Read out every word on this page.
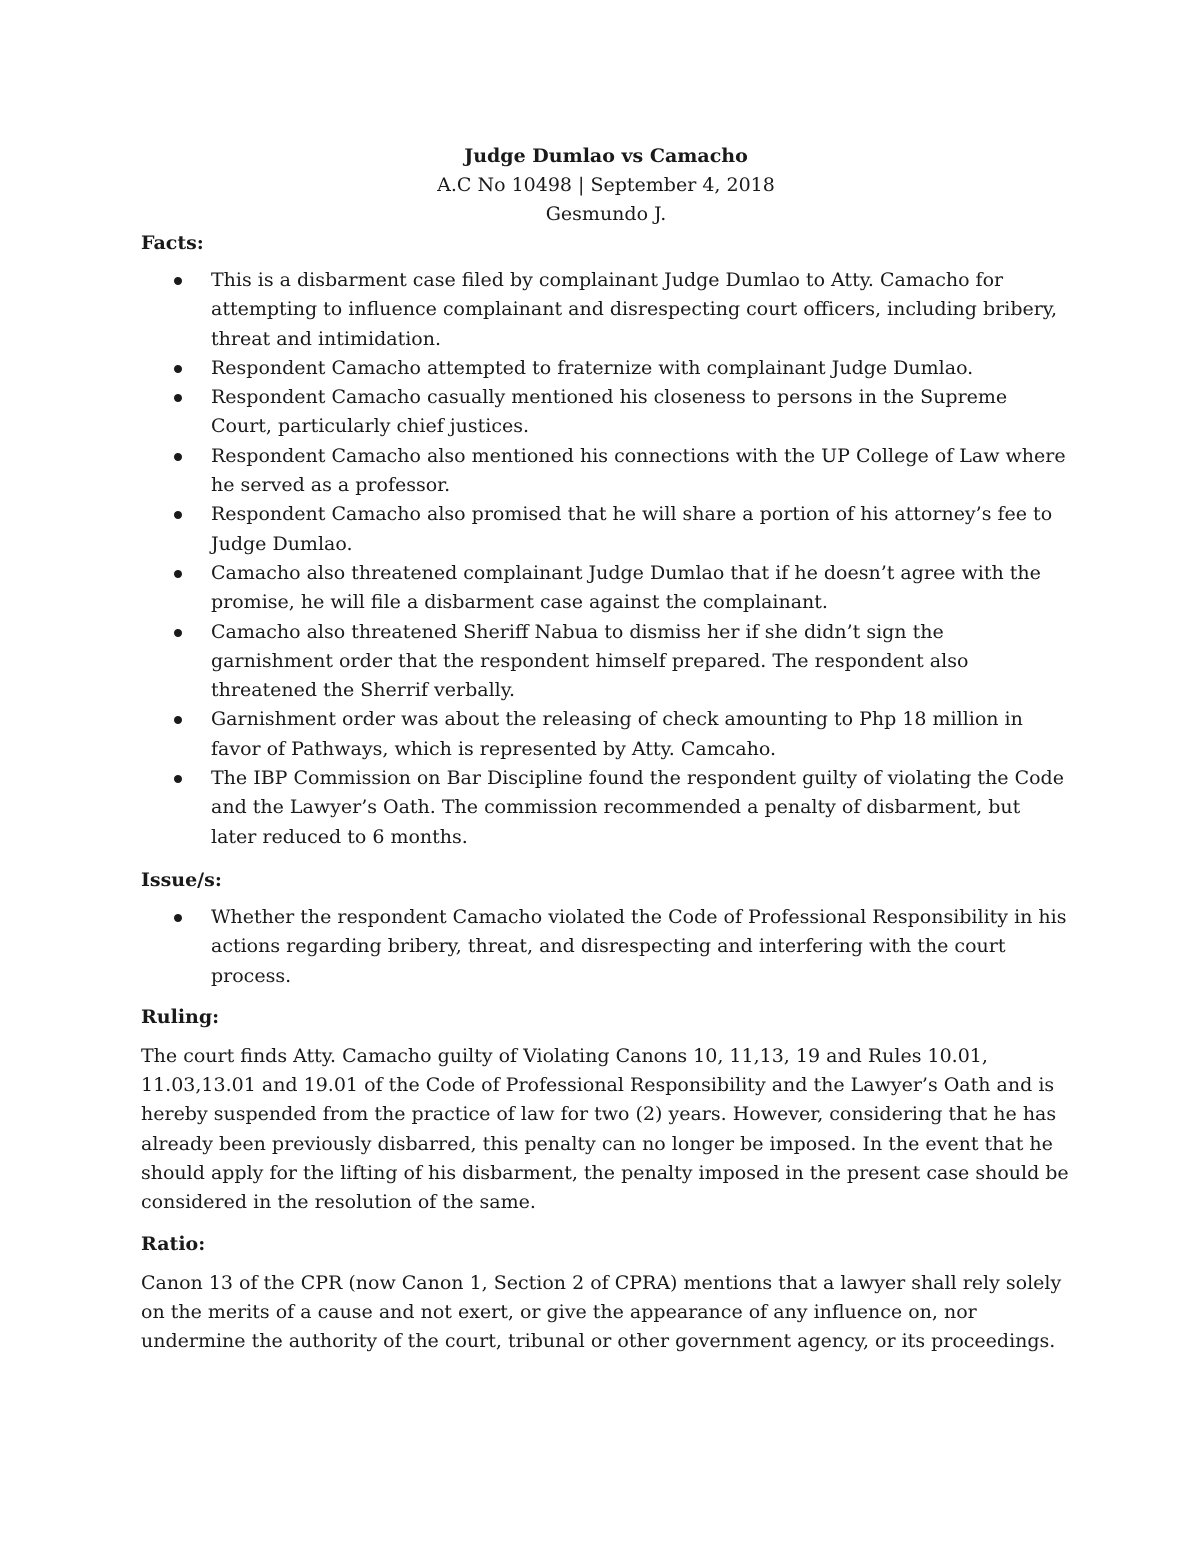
Judge Dumlao vs Camacho
A.C No 10498 | September 4, 2018
Gesmundo J.
Facts:
This is a disbarment case filed by complainant Judge Dumlao to Atty. Camacho for attempting to influence complainant and disrespecting court officers, including bribery, threat and intimidation.
Respondent Camacho attempted to fraternize with complainant Judge Dumlao.
Respondent Camacho casually mentioned his closeness to persons in the Supreme Court, particularly chief justices.
Respondent Camacho also mentioned his connections with the UP College of Law where he served as a professor.
Respondent Camacho also promised that he will share a portion of his attorney’s fee to Judge Dumlao.
Camacho also threatened complainant Judge Dumlao that if he doesn’t agree with the promise, he will file a disbarment case against the complainant.
Camacho also threatened Sheriff Nabua to dismiss her if she didn’t sign the garnishment order that the respondent himself prepared. The respondent also threatened the Sherrif verbally.
Garnishment order was about the releasing of check amounting to Php 18 million in favor of Pathways, which is represented by Atty. Camcaho.
The IBP Commission on Bar Discipline found the respondent guilty of violating the Code and the Lawyer’s Oath. The commission recommended a penalty of disbarment, but later reduced to 6 months.
Issue/s:
Whether the respondent Camacho violated the Code of Professional Responsibility in his actions regarding bribery, threat, and disrespecting and interfering with the court process.
Ruling:

The court finds Atty. Camacho guilty of Violating Canons 10, 11,13, 19 and Rules 10.01, 11.03,13.01 and 19.01 of the Code of Professional Responsibility and the Lawyer’s Oath and is hereby suspended from the practice of law for two (2) years. However, considering that he has already been previously disbarred, this penalty can no longer be imposed. In the event that he should apply for the lifting of his disbarment, the penalty imposed in the present case should be considered in the resolution of the same.

Ratio:

Canon 13 of the CPR (now Canon 1, Section 2 of CPRA) mentions that a lawyer shall rely solely on the merits of a cause and not exert, or give the appearance of any influence on, nor undermine the authority of the court, tribunal or other government agency, or its proceedings.
